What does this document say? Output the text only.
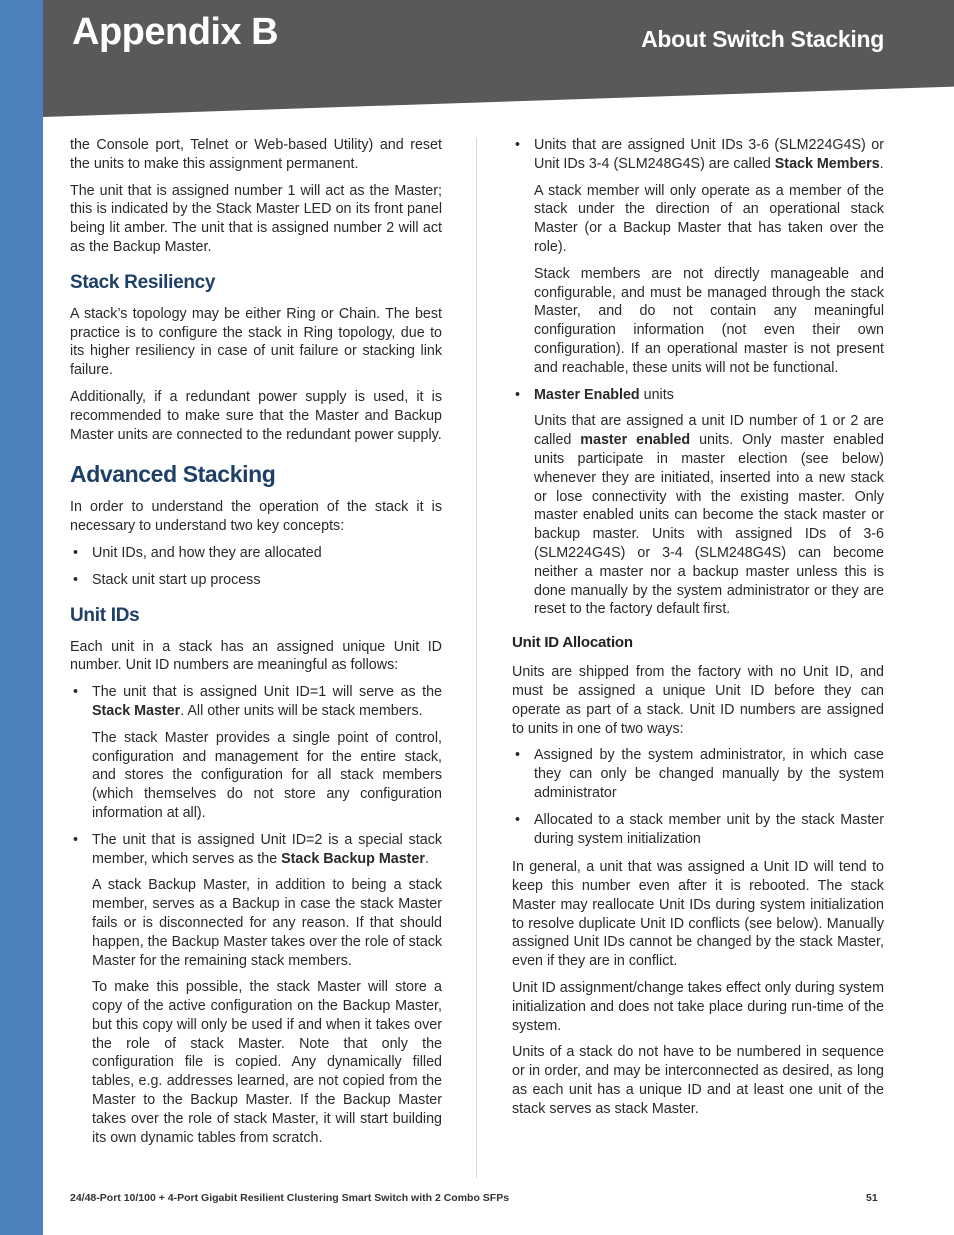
Appendix B	About Switch Stacking

the Console port, Telnet or Web-based Utility) and reset the units to make this assignment permanent.

The unit that is assigned number 1 will act as the Master; this is indicated by the Stack Master LED on its front panel being lit amber. The unit that is assigned number 2 will act as the Backup Master.

Stack Resiliency

A stack’s topology may be either Ring or Chain. The best practice is to configure the stack in Ring topology, due to its higher resiliency in case of unit failure or stacking link failure.

Additionally, if a redundant power supply is used, it is recommended to make sure that the Master and Backup Master units are connected to the redundant power supply.

Advanced Stacking

In order to understand the operation of the stack it is necessary to understand two key concepts:

• Unit IDs, and how they are allocated
• Stack unit start up process
Unit IDs

Each unit in a stack has an assigned unique Unit ID number. Unit ID numbers are meaningful as follows:

• The unit that is assigned Unit ID=1 will serve as the Stack Master. All other units will be stack members.

The stack Master provides a single point of control, configuration and management for the entire stack, and stores the configuration for all stack members (which themselves do not store any configuration information at all).

• The unit that is assigned Unit ID=2 is a special stack member, which serves as the Stack Backup Master.

A stack Backup Master, in addition to being a stack member, serves as a Backup in case the stack Master fails or is disconnected for any reason. If that should happen, the Backup Master takes over the role of stack Master for the remaining stack members.

To make this possible, the stack Master will store a copy of the active configuration on the Backup Master, but this copy will only be used if and when it takes over the role of stack Master. Note that only the configuration file is copied. Any dynamically filled tables, e.g. addresses learned, are not copied from the Master to the Backup Master. If the Backup Master takes over the role of stack Master, it will start building its own dynamic tables from scratch.

• Units that are assigned Unit IDs 3-6 (SLM224G4S) or Unit IDs 3-4 (SLM248G4S) are called Stack Members.

A stack member will only operate as a member of the stack under the direction of an operational stack Master (or a Backup Master that has taken over the role).

Stack members are not directly manageable and configurable, and must be managed through the stack Master, and do not contain any meaningful configuration information (not even their own configuration). If an operational master is not present and reachable, these units will not be functional.

• Master Enabled units

Units that are assigned a unit ID number of 1 or 2 are called master enabled units. Only master enabled units participate in master election (see below) whenever they are initiated, inserted into a new stack or lose connectivity with the existing master. Only master enabled units can become the stack master or backup master. Units with assigned IDs of 3-6 (SLM224G4S) or 3-4 (SLM248G4S) can become neither a master nor a backup master unless this is done manually by the system administrator or they are reset to the factory default first.

Unit ID Allocation

Units are shipped from the factory with no Unit ID, and must be assigned a unique Unit ID before they can operate as part of a stack. Unit ID numbers are assigned to units in one of two ways:

• Assigned by the system administrator, in which case they can only be changed manually by the system administrator
• Allocated to a stack member unit by the stack Master during system initialization

In general, a unit that was assigned a Unit ID will tend to keep this number even after it is rebooted. The stack Master may reallocate Unit IDs during system initialization to resolve duplicate Unit ID conflicts (see below). Manually assigned Unit IDs cannot be changed by the stack Master, even if they are in conflict.

Unit ID assignment/change takes effect only during system initialization and does not take place during run-time of the system.

Units of a stack do not have to be numbered in sequence or in order, and may be interconnected as desired, as long as each unit has a unique ID and at least one unit of the stack serves as stack Master.

24/48-Port 10/100 + 4-Port Gigabit Resilient Clustering Smart Switch with 2 Combo SFPs	51
